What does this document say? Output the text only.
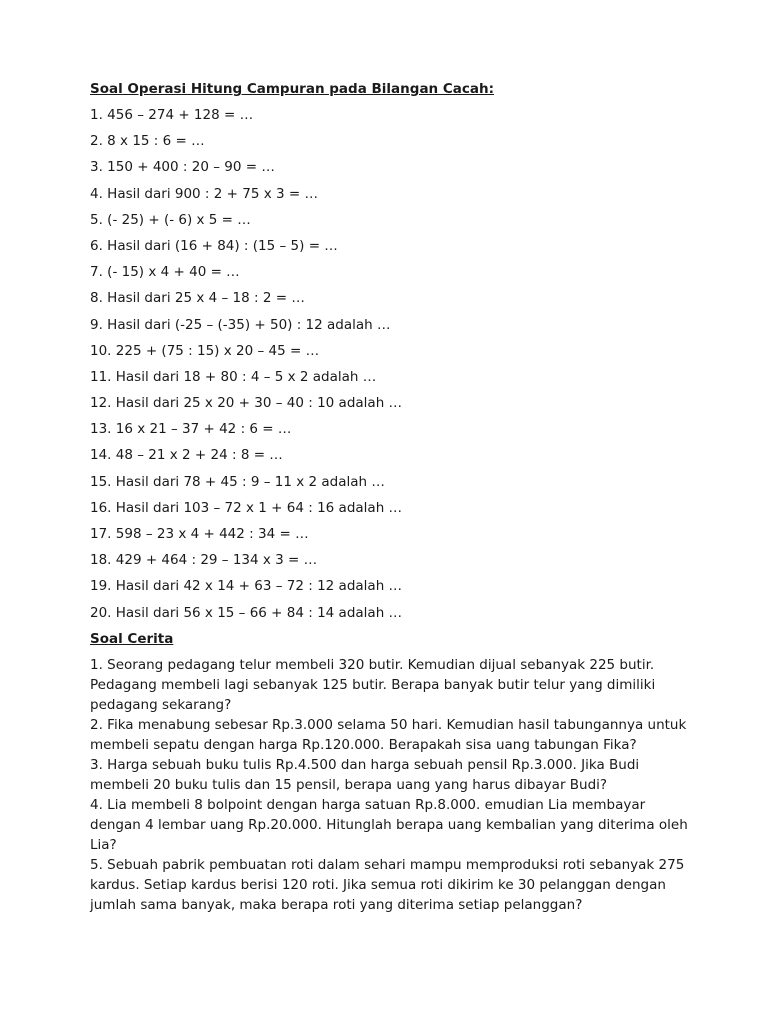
Soal Operasi Hitung Campuran pada Bilangan Cacah:
1. 456 – 274 + 128 = …
2. 8 x 15 : 6 = …
3. 150 + 400 : 20 – 90 = …
4. Hasil dari 900 : 2 + 75 x 3 = …
5. (- 25) + (- 6) x 5 = …
6. Hasil dari (16 + 84) : (15 – 5) = …
7. (- 15) x 4 + 40 = …
8. Hasil dari 25 x 4 – 18 : 2 = …
9. Hasil dari (-25 – (-35) + 50) : 12 adalah …
10. 225 + (75 : 15) x 20 – 45 = …
11. Hasil dari 18 + 80 : 4 – 5 x 2 adalah …
12. Hasil dari 25 x 20 + 30 – 40 : 10 adalah …
13. 16 x 21 – 37 + 42 : 6 = …
14. 48 – 21 x 2 + 24 : 8 = …
15. Hasil dari 78 + 45 : 9 – 11 x 2 adalah …
16. Hasil dari 103 – 72 x 1 + 64 : 16 adalah …
17. 598 – 23 x 4 + 442 : 34 = …
18. 429 + 464 : 29 – 134 x 3 = …
19. Hasil dari 42 x 14 + 63 – 72 : 12 adalah …
20. Hasil dari 56 x 15 – 66 + 84 : 14 adalah …
Soal Cerita
1. Seorang pedagang telur membeli 320 butir. Kemudian dijual sebanyak 225 butir. Pedagang membeli lagi sebanyak 125 butir. Berapa banyak butir telur yang dimiliki pedagang sekarang?
2. Fika menabung sebesar Rp.3.000 selama 50 hari. Kemudian hasil tabungannya untuk membeli sepatu dengan harga Rp.120.000. Berapakah sisa uang tabungan Fika?
3. Harga sebuah buku tulis Rp.4.500 dan harga sebuah pensil Rp.3.000. Jika Budi membeli 20 buku tulis dan 15 pensil, berapa uang yang harus dibayar Budi?
4. Lia membeli 8 bolpoint dengan harga satuan Rp.8.000. emudian Lia membayar dengan 4 lembar uang Rp.20.000. Hitunglah berapa uang kembalian yang diterima oleh Lia?
5. Sebuah pabrik pembuatan roti dalam sehari mampu memproduksi roti sebanyak 275 kardus. Setiap kardus berisi 120 roti. Jika semua roti dikirim ke 30 pelanggan dengan jumlah sama banyak, maka berapa roti yang diterima setiap pelanggan?
